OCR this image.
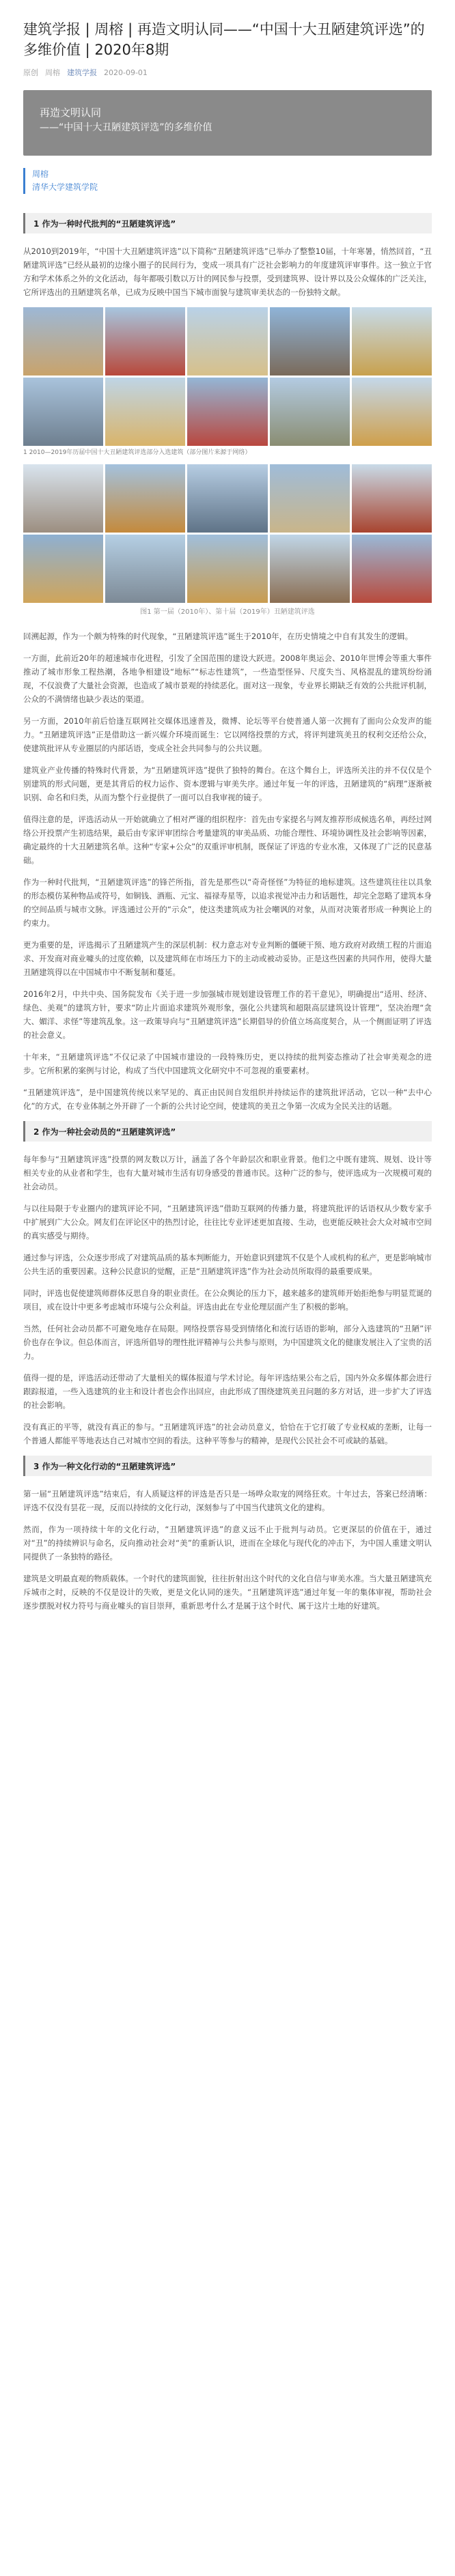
建筑学报 | 周榕 | 再造文明认同——“中国十大丑陋建筑评选”的多维价值 | 2020年8期
原创 周榕 建筑学报 2020-09-01
再造文明认同
——“中国十大丑陋建筑评选”的多维价值
周榕
清华大学建筑学院
1 作为一种时代批判的“丑陋建筑评选”

从2010到2019年，“中国十大丑陋建筑评选”以下简称“丑陋建筑评选”已举办了整整10届，十年寒暑，悄然回首，“丑陋建筑评选”已经从最初的边缘小圈子的民间行为，变成一项具有广泛社会影响力的年度建筑评审事件。这一独立于官方和学术体系之外的文化活动，每年都吸引数以万计的网民参与投票，受到建筑界、设计界以及公众媒体的广泛关注，它所评选出的丑陋建筑名单，已成为反映中国当下城市面貌与建筑审美状态的一份独特文献。

1 2010—2019年历届中国十大丑陋建筑评选部分入选建筑（部分图片来源于网络）
图1 第一届（2010年）、第十届（2019年）丑陋建筑评选

回溯起源，作为一个颇为特殊的时代现象，“丑陋建筑评选”诞生于2010年，在历史情境之中自有其发生的逻辑。

一方面，此前近20年的超速城市化进程，引发了全国范围的建设大跃进。2008年奥运会、2010年世博会等重大事件推动了城市形象工程热潮，各地争相建设“地标”“标志性建筑”，一些造型怪异、尺度失当、风格混乱的建筑纷纷涌现，不仅浪费了大量社会资源，也造成了城市景观的持续恶化。面对这一现象，专业界长期缺乏有效的公共批评机制，公众的不满情绪也缺少表达的渠道。

另一方面，2010年前后恰逢互联网社交媒体迅速普及，微博、论坛等平台使普通人第一次拥有了面向公众发声的能力。“丑陋建筑评选”正是借助这一新兴媒介环境而诞生：它以网络投票的方式，将评判建筑美丑的权利交还给公众，使建筑批评从专业圈层的内部话语，变成全社会共同参与的公共议题。

建筑业产业传播的特殊时代背景，为“丑陋建筑评选”提供了独特的舞台。在这个舞台上，评选所关注的并不仅仅是个别建筑的形式问题，更是其背后的权力运作、资本逻辑与审美失序。通过年复一年的评选，丑陋建筑的“病理”逐渐被识别、命名和归类，从而为整个行业提供了一面可以自我审视的镜子。

值得注意的是，评选活动从一开始就确立了相对严谨的组织程序：首先由专家提名与网友推荐形成候选名单，再经过网络公开投票产生初选结果，最后由专家评审团综合考量建筑的审美品质、功能合理性、环境协调性及社会影响等因素，确定最终的十大丑陋建筑名单。这种“专家+公众”的双重评审机制，既保证了评选的专业水准，又体现了广泛的民意基础。

作为一种时代批判，“丑陋建筑评选”的锋芒所指，首先是那些以“奇奇怪怪”为特征的地标建筑。这些建筑往往以具象的形态模仿某种物品或符号，如铜钱、酒瓶、元宝、福禄寿星等，以追求视觉冲击力和话题性，却完全忽略了建筑本身的空间品质与城市文脉。评选通过公开的“示众”，使这类建筑成为社会嘲讽的对象，从而对决策者形成一种舆论上的约束力。

更为重要的是，评选揭示了丑陋建筑产生的深层机制：权力意志对专业判断的僵硬干预、地方政府对政绩工程的片面追求、开发商对商业噱头的过度依赖，以及建筑师在市场压力下的主动或被动妥协。正是这些因素的共同作用，使得大量丑陋建筑得以在中国城市中不断复制和蔓延。

2016年2月，中共中央、国务院发布《关于进一步加强城市规划建设管理工作的若干意见》，明确提出“适用、经济、绿色、美观”的建筑方针，要求“防止片面追求建筑外观形象，强化公共建筑和超限高层建筑设计管理”，坚决治理“贪大、媚洋、求怪”等建筑乱象。这一政策导向与“丑陋建筑评选”长期倡导的价值立场高度契合，从一个侧面证明了评选的社会意义。

十年来，“丑陋建筑评选”不仅记录了中国城市建设的一段特殊历史，更以持续的批判姿态推动了社会审美观念的进步。它所积累的案例与讨论，构成了当代中国建筑文化研究中不可忽视的重要素材。

“丑陋建筑评选”，是中国建筑传统以来罕见的、真正由民间自发组织并持续运作的建筑批评活动，它以一种“去中心化”的方式，在专业体制之外开辟了一个新的公共讨论空间，使建筑的美丑之争第一次成为全民关注的话题。

2 作为一种社会动员的“丑陋建筑评选”

每年参与“丑陋建筑评选”投票的网友数以万计，涵盖了各个年龄层次和职业背景。他们之中既有建筑、规划、设计等相关专业的从业者和学生，也有大量对城市生活有切身感受的普通市民。这种广泛的参与，使评选成为一次规模可观的社会动员。

与以往局限于专业圈内的建筑评论不同，“丑陋建筑评选”借助互联网的传播力量，将建筑批评的话语权从少数专家手中扩展到广大公众。网友们在评论区中的热烈讨论，往往比专业评述更加直接、生动，也更能反映社会大众对城市空间的真实感受与期待。

通过参与评选，公众逐步形成了对建筑品质的基本判断能力，开始意识到建筑不仅是个人或机构的私产，更是影响城市公共生活的重要因素。这种公民意识的觉醒，正是“丑陋建筑评选”作为社会动员所取得的最重要成果。

同时，评选也促使建筑师群体反思自身的职业责任。在公众舆论的压力下，越来越多的建筑师开始拒绝参与明显荒诞的项目，或在设计中更多考虑城市环境与公众利益。评选由此在专业伦理层面产生了积极的影响。

当然，任何社会动员都不可避免地存在局限。网络投票容易受到情绪化和流行话语的影响，部分入选建筑的“丑陋”评价也存在争议。但总体而言，评选所倡导的理性批评精神与公共参与原则，为中国建筑文化的健康发展注入了宝贵的活力。

值得一提的是，评选活动还带动了大量相关的媒体报道与学术讨论。每年评选结果公布之后，国内外众多媒体都会进行跟踪报道，一些入选建筑的业主和设计者也会作出回应，由此形成了围绕建筑美丑问题的多方对话，进一步扩大了评选的社会影响。

没有真正的平等，就没有真正的参与。“丑陋建筑评选”的社会动员意义，恰恰在于它打破了专业权威的垄断，让每一个普通人都能平等地表达自己对城市空间的看法。这种平等参与的精神，是现代公民社会不可或缺的基础。

3 作为一种文化行动的“丑陋建筑评选”

第一届“丑陋建筑评选”结束后，有人质疑这样的评选是否只是一场哗众取宠的网络狂欢。十年过去，答案已经清晰：评选不仅没有昙花一现，反而以持续的文化行动，深刻参与了中国当代建筑文化的建构。

然而，作为一项持续十年的文化行动，“丑陋建筑评选”的意义远不止于批判与动员。它更深层的价值在于，通过对“丑”的持续辨识与命名，反向推动社会对“美”的重新认识，进而在全球化与现代化的冲击下，为中国人重建文明认同提供了一条独特的路径。

建筑是文明最直观的物质载体。一个时代的建筑面貌，往往折射出这个时代的文化自信与审美水准。当大量丑陋建筑充斥城市之时，反映的不仅是设计的失败，更是文化认同的迷失。“丑陋建筑评选”通过年复一年的集体审视，帮助社会逐步摆脱对权力符号与商业噱头的盲目崇拜，重新思考什么才是属于这个时代、属于这片土地的好建筑。
